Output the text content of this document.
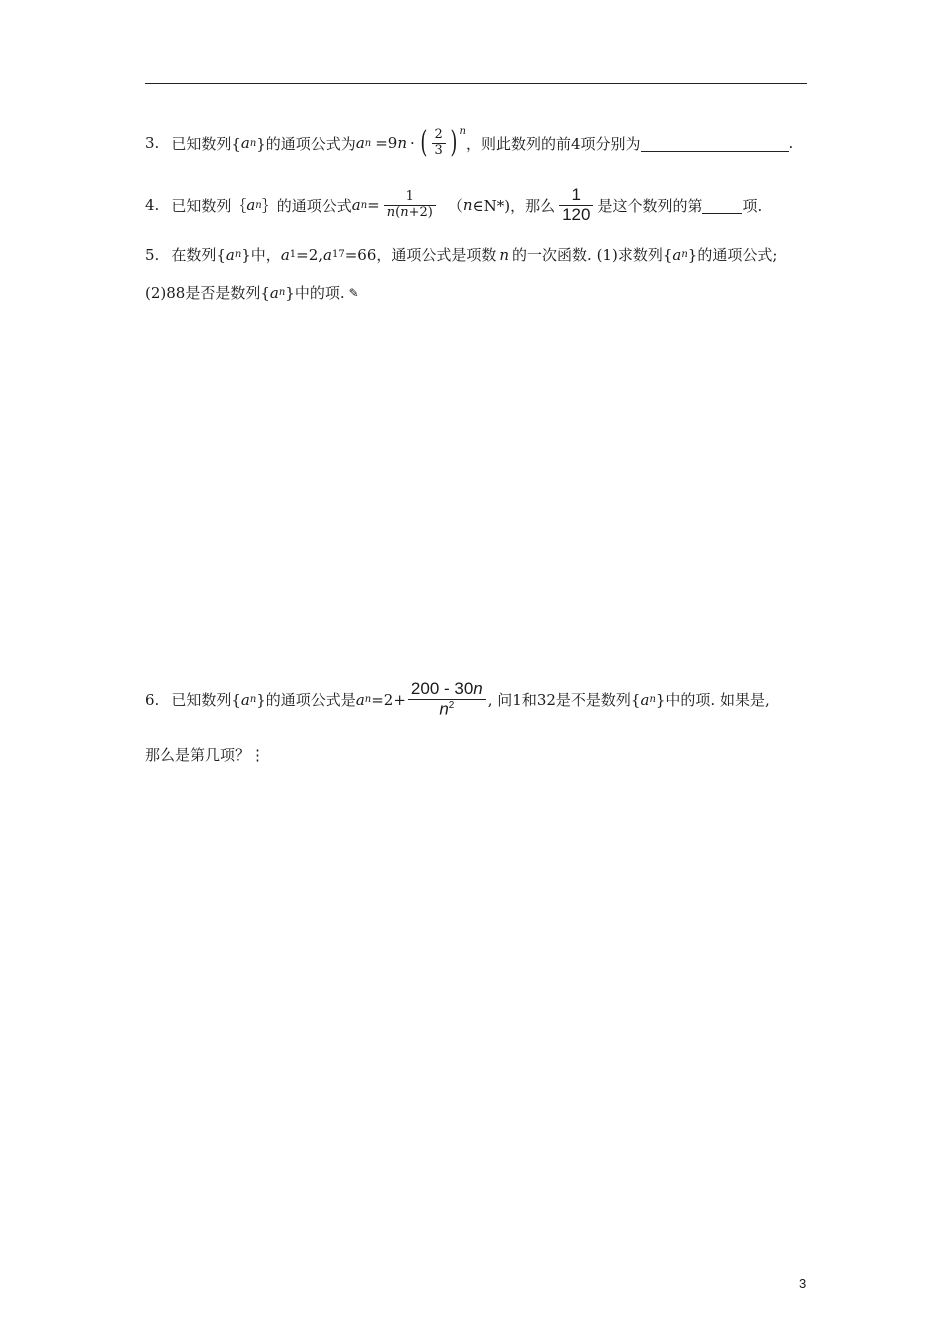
3. 已知数列{ a n }的通项公式为 a n =9 n · ( $\frac{2}{3}$ ) $^n$
，则此数列的前4项分别为	.
4. 已知数列｛ a n ｝的通项公式 a $n = \frac{1}{n(n+2)}$ （ n ∈N*)，那么 $\frac{1}{120}$ 是这个数列的第	项.
5. 在数列{ a n }中， a 1 =2, a 17 =66，通项公式是项数 n 的一次函数. (1)求数列{ a n }的通项公式;
(2)88是否是数列{ a n }中的项. ✎
6. 已知数列{ a n }的通项公式是 a $n =2+ \frac{200 - 30n}{n^2}$ , 问1和32是不是数列{ a n }中的项. 如果是,
那么是第几项？⋮
3
